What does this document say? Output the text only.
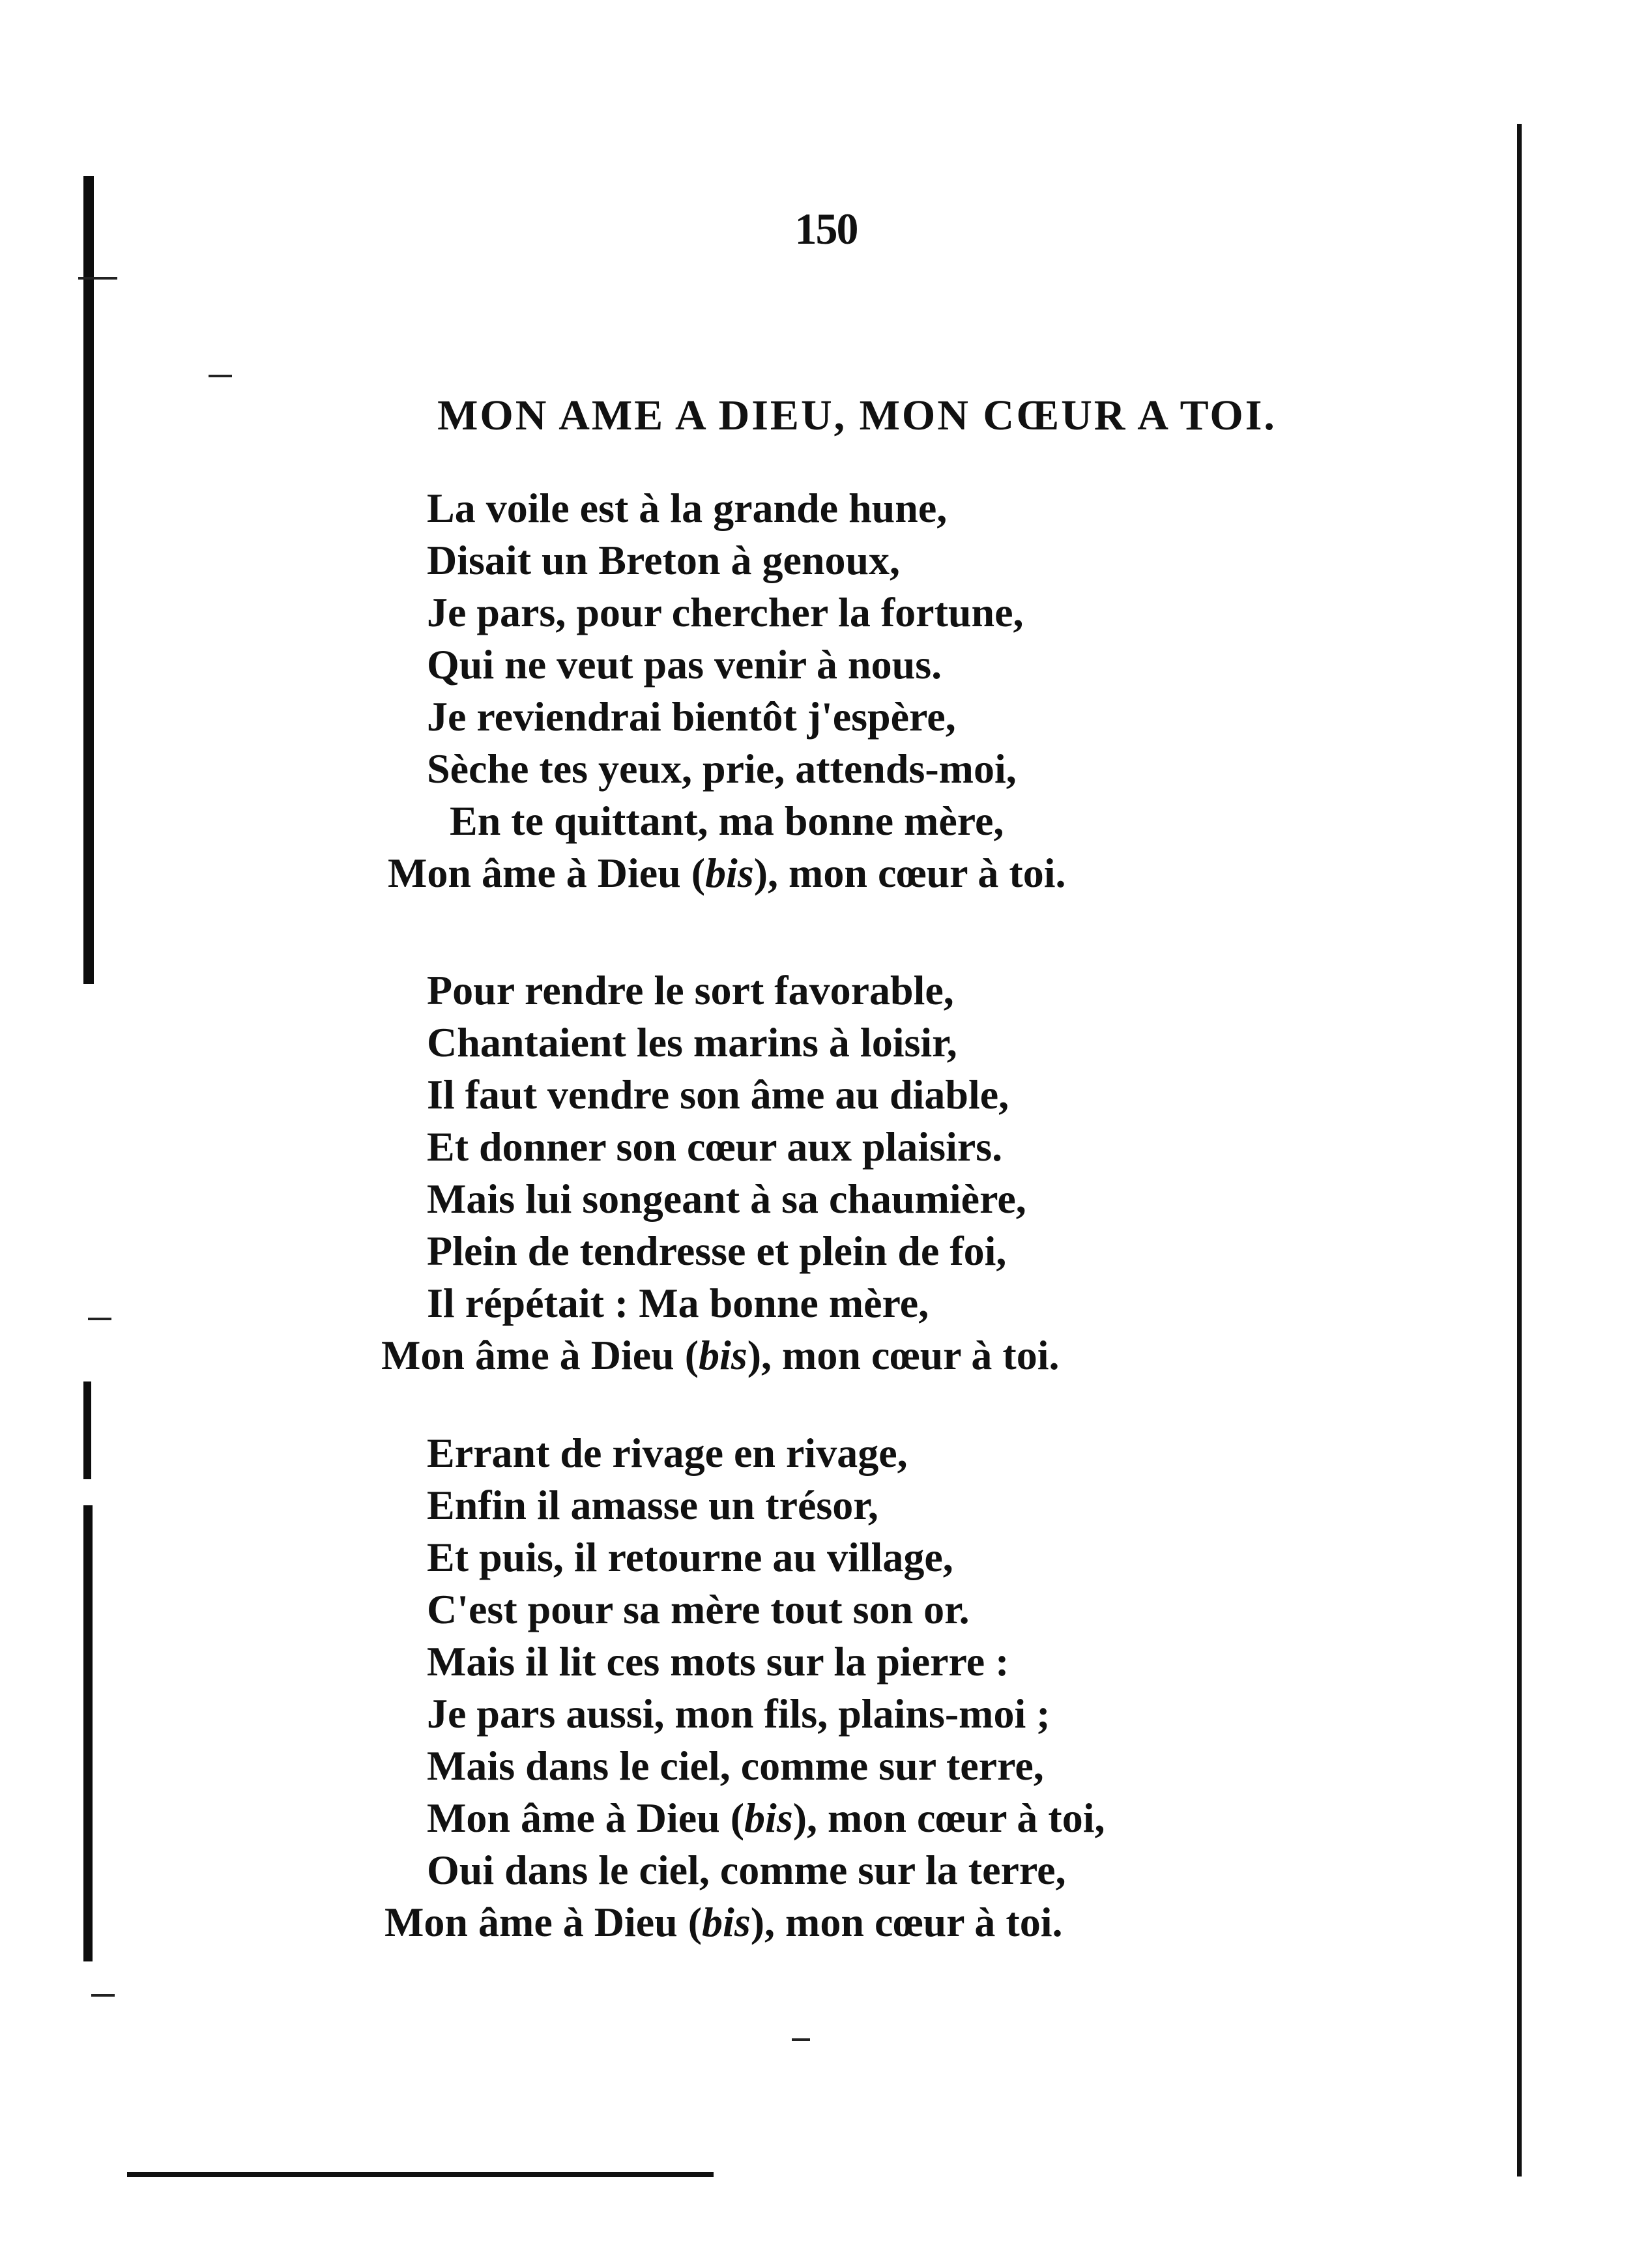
150
MON AME A DIEU, MON CŒUR A TOI.
La voile est à la grande hune,
Disait un Breton à genoux,
Je pars, pour chercher la fortune,
Qui ne veut pas venir à nous.
Je reviendrai bientôt j'espère,
Sèche tes yeux, prie, attends-moi,
En te quittant, ma bonne mère,
Mon âme à Dieu (bis), mon cœur à toi.
Pour rendre le sort favorable,
Chantaient les marins à loisir,
Il faut vendre son âme au diable,
Et donner son cœur aux plaisirs.
Mais lui songeant à sa chaumière,
Plein de tendresse et plein de foi,
Il répétait : Ma bonne mère,
Mon âme à Dieu (bis), mon cœur à toi.
Errant de rivage en rivage,
Enfin il amasse un trésor,
Et puis, il retourne au village,
C'est pour sa mère tout son or.
Mais il lit ces mots sur la pierre :
Je pars aussi, mon fils, plains-moi ;
Mais dans le ciel, comme sur terre,
Mon âme à Dieu (bis), mon cœur à toi,
Oui dans le ciel, comme sur la terre,
Mon âme à Dieu (bis), mon cœur à toi.
